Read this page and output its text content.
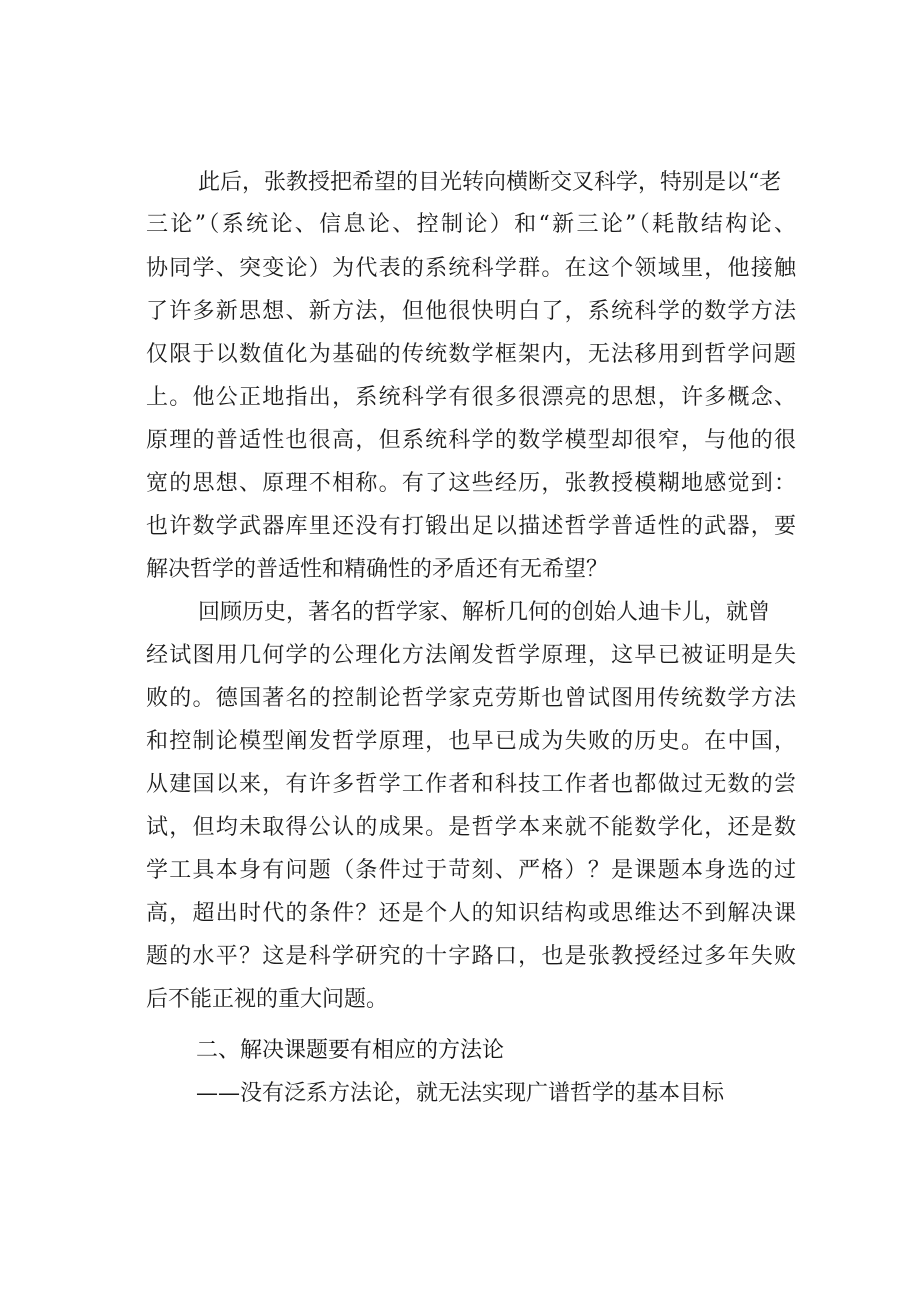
此后，张教授把希望的目光转向横断交叉科学，特别是以“老
三论”（系统论、信息论、控制论）和“新三论”（耗散结构论、
协同学、突变论）为代表的系统科学群。在这个领域里，他接触
了许多新思想、新方法，但他很快明白了，系统科学的数学方法
仅限于以数值化为基础的传统数学框架内，无法移用到哲学问题
上。他公正地指出，系统科学有很多很漂亮的思想，许多概念、
原理的普适性也很高，但系统科学的数学模型却很窄，与他的很
宽的思想、原理不相称。有了这些经历，张教授模糊地感觉到：
也许数学武器库里还没有打锻出足以描述哲学普适性的武器，要
解决哲学的普适性和精确性的矛盾还有无希望？
回顾历史，著名的哲学家、解析几何的创始人迪卡儿，就曾
经试图用几何学的公理化方法阐发哲学原理，这早已被证明是失
败的。德国著名的控制论哲学家克劳斯也曾试图用传统数学方法
和控制论模型阐发哲学原理，也早已成为失败的历史。在中国，
从建国以来，有许多哲学工作者和科技工作者也都做过无数的尝
试，但均未取得公认的成果。是哲学本来就不能数学化，还是数
学工具本身有问题（条件过于苛刻、严格）？是课题本身选的过
高，超出时代的条件？还是个人的知识结构或思维达不到解决课
题的水平？这是科学研究的十字路口，也是张教授经过多年失败
后不能正视的重大问题。
二、解决课题要有相应的方法论
——没有泛系方法论，就无法实现广谱哲学的基本目标
